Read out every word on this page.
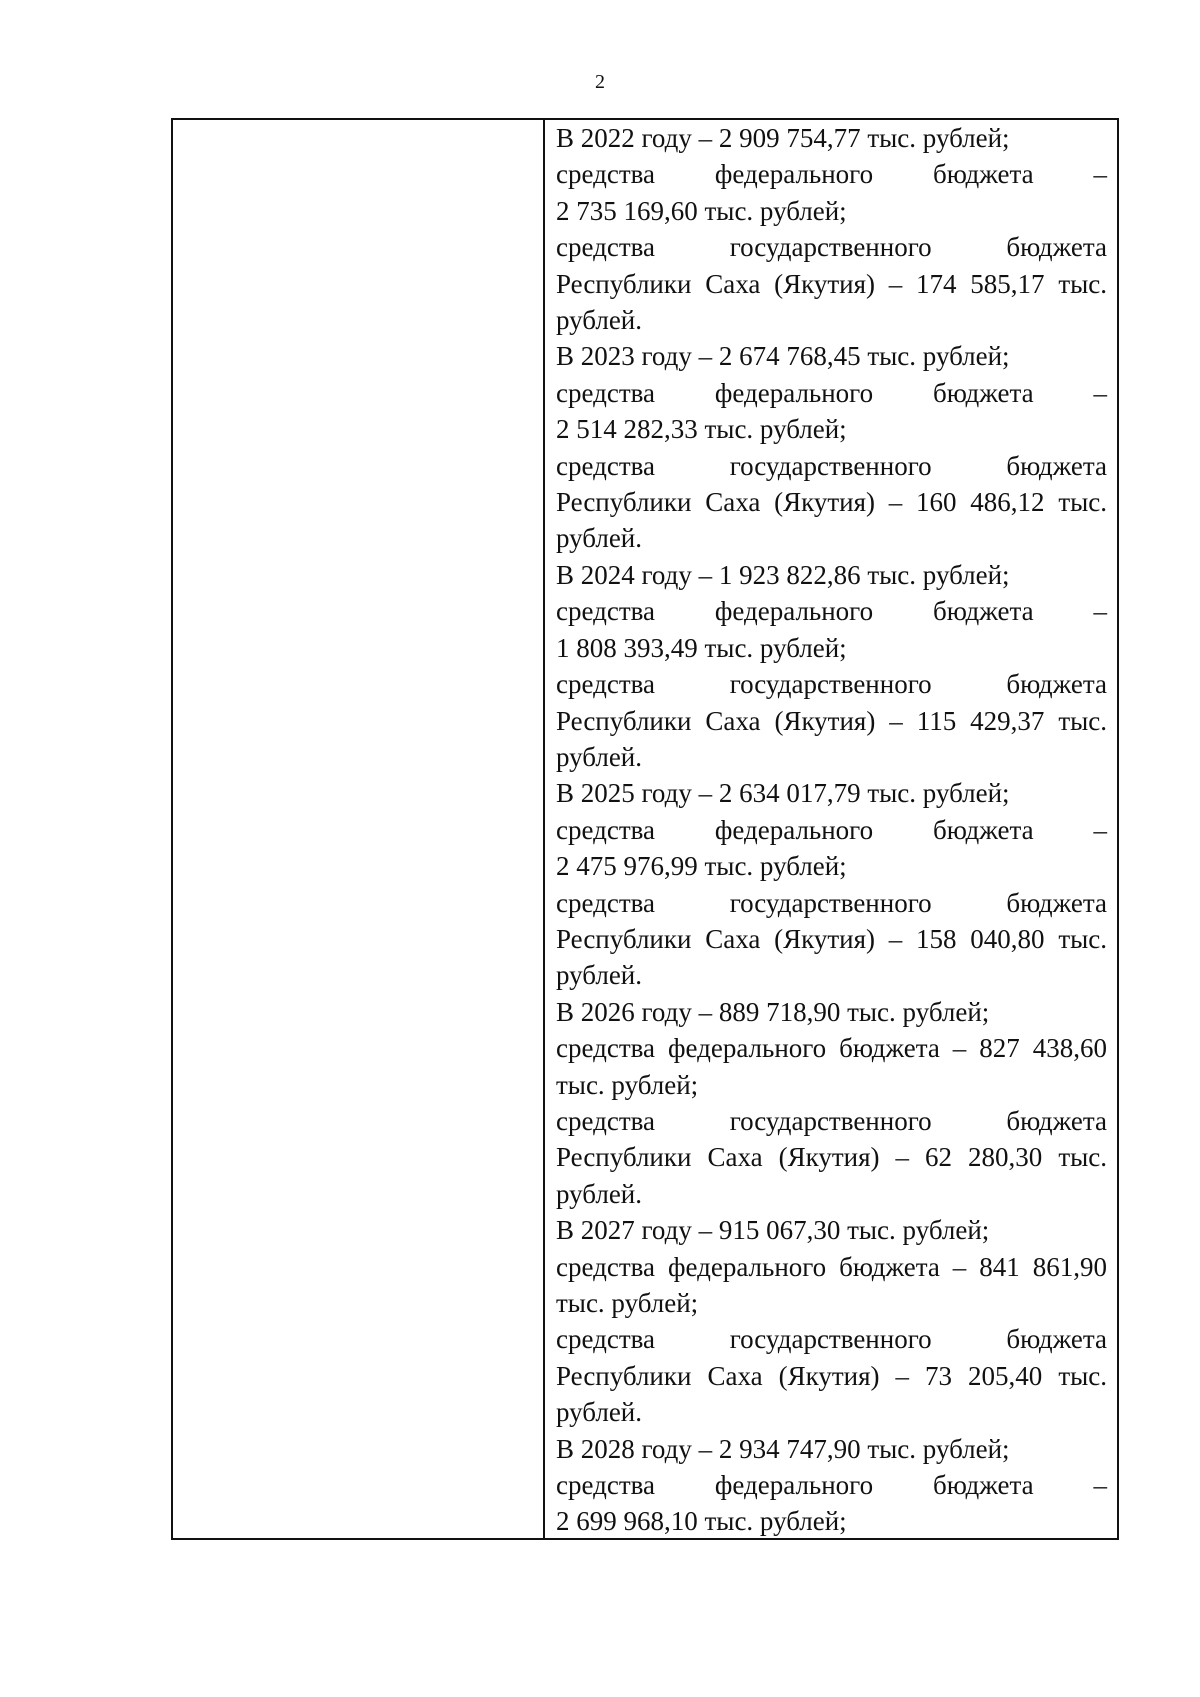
2
В 2022 году – 2 909 754,77 тыс. рублей;
средства федерального бюджета –
2 735 169,60 тыс. рублей;
средства государственного бюджета
Республики Саха (Якутия) – 174 585,17 тыс.
рублей.
В 2023 году – 2 674 768,45 тыс. рублей;
средства федерального бюджета –
2 514 282,33 тыс. рублей;
средства государственного бюджета
Республики Саха (Якутия) – 160 486,12 тыс.
рублей.
В 2024 году – 1 923 822,86 тыс. рублей;
средства федерального бюджета –
1 808 393,49 тыс. рублей;
средства государственного бюджета
Республики Саха (Якутия) – 115 429,37 тыс.
рублей.
В 2025 году – 2 634 017,79 тыс. рублей;
средства федерального бюджета –
2 475 976,99 тыс. рублей;
средства государственного бюджета
Республики Саха (Якутия) – 158 040,80 тыс.
рублей.
В 2026 году – 889 718,90 тыс. рублей;
средства федерального бюджета – 827 438,60
тыс. рублей;
средства государственного бюджета
Республики Саха (Якутия) – 62 280,30 тыс.
рублей.
В 2027 году – 915 067,30 тыс. рублей;
средства федерального бюджета – 841 861,90
тыс. рублей;
средства государственного бюджета
Республики Саха (Якутия) – 73 205,40 тыс.
рублей.
В 2028 году – 2 934 747,90 тыс. рублей;
средства федерального бюджета –
2 699 968,10 тыс. рублей;
